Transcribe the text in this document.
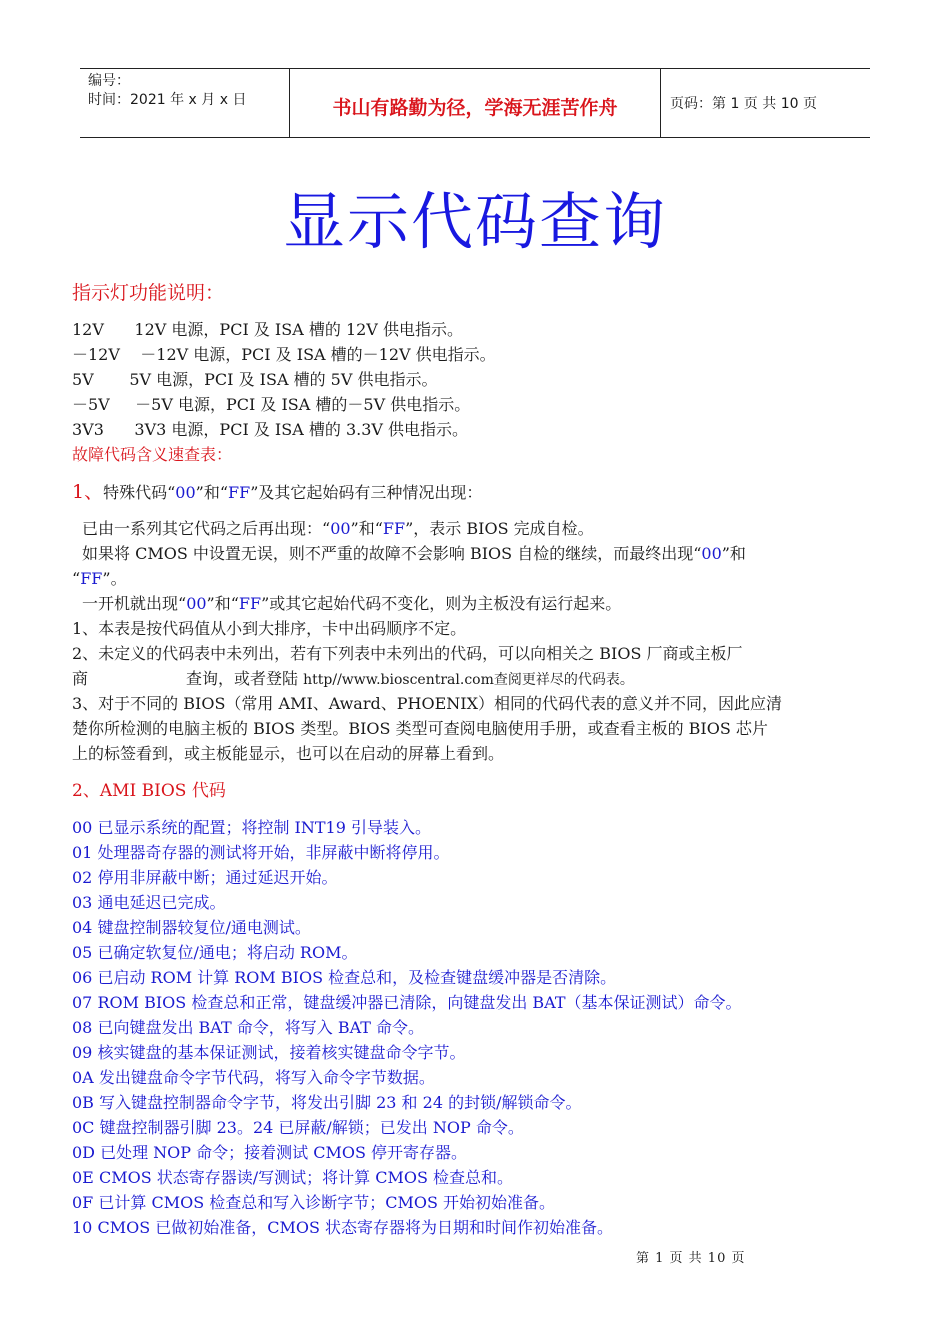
编号：
时间：2021 年 x 月 x 日	书山有路勤为径，学海无涯苦作舟	页码：第 1 页 共 10 页
显示代码查询
指示灯功能说明：
12V      12V 电源，PCI 及 ISA 槽的 12V 供电指示。
－12V    －12V 电源，PCI 及 ISA 槽的－12V 供电指示。
5V       5V 电源，PCI 及 ISA 槽的 5V 供电指示。
－5V     －5V 电源，PCI 及 ISA 槽的－5V 供电指示。
3V3      3V3 电源，PCI 及 ISA 槽的 3.3V 供电指示。
故障代码含义速查表：
1、特殊代码“00”和“FF”及其它起始码有三种情况出现：
已由一系列其它代码之后再出现：“00”和“FF”，表示 BIOS 完成自检。
如果将 CMOS 中设置无误，则不严重的故障不会影响 BIOS 自检的继续，而最终出现“00”和
“FF”。
一开机就出现“00”和“FF”或其它起始代码不变化，则为主板没有运行起来。
1、本表是按代码值从小到大排序，卡中出码顺序不定。
2、未定义的代码表中未列出，若有下列表中未列出的代码，可以向相关之 BIOS 厂商或主板厂
商	查询，或者登陆 http//www.bioscentral.com查阅更祥尽的代码表。
3、对于不同的 BIOS（常用 AMI、Award、PHOENIX）相同的代码代表的意义并不同，因此应清
楚你所检测的电脑主板的 BIOS 类型。BIOS 类型可查阅电脑使用手册，或查看主板的 BIOS 芯片
上的标签看到，或主板能显示，也可以在启动的屏幕上看到。
2、AMI BIOS 代码
00 已显示系统的配置；将控制 INT19 引导装入。
01 处理器奇存器的测试将开始，非屏蔽中断将停用。
02 停用非屏蔽中断；通过延迟开始。
03 通电延迟已完成。
04 键盘控制器较复位/通电测试。
05 已确定软复位/通电；将启动 ROM。
06 已启动 ROM 计算 ROM BIOS 检查总和，及检查键盘缓冲器是否清除。
07 ROM BIOS 检查总和正常，键盘缓冲器已清除，向键盘发出 BAT（基本保证测试）命令。
08 已向键盘发出 BAT 命令，将写入 BAT 命令。
09 核实键盘的基本保证测试，接着核实键盘命令字节。
0A 发出键盘命令字节代码，将写入命令字节数据。
0B 写入键盘控制器命令字节，将发出引脚 23 和 24 的封锁/解锁命令。
0C 键盘控制器引脚 23。24 已屏蔽/解锁；已发出 NOP 命令。
0D 已处理 NOP 命令；接着测试 CMOS 停开寄存器。
0E CMOS 状态寄存器读/写测试；将计算 CMOS 检查总和。
0F 已计算 CMOS 检查总和写入诊断字节；CMOS 开始初始准备。
10 CMOS 已做初始准备，CMOS 状态寄存器将为日期和时间作初始准备。
第 1 页 共 10 页
